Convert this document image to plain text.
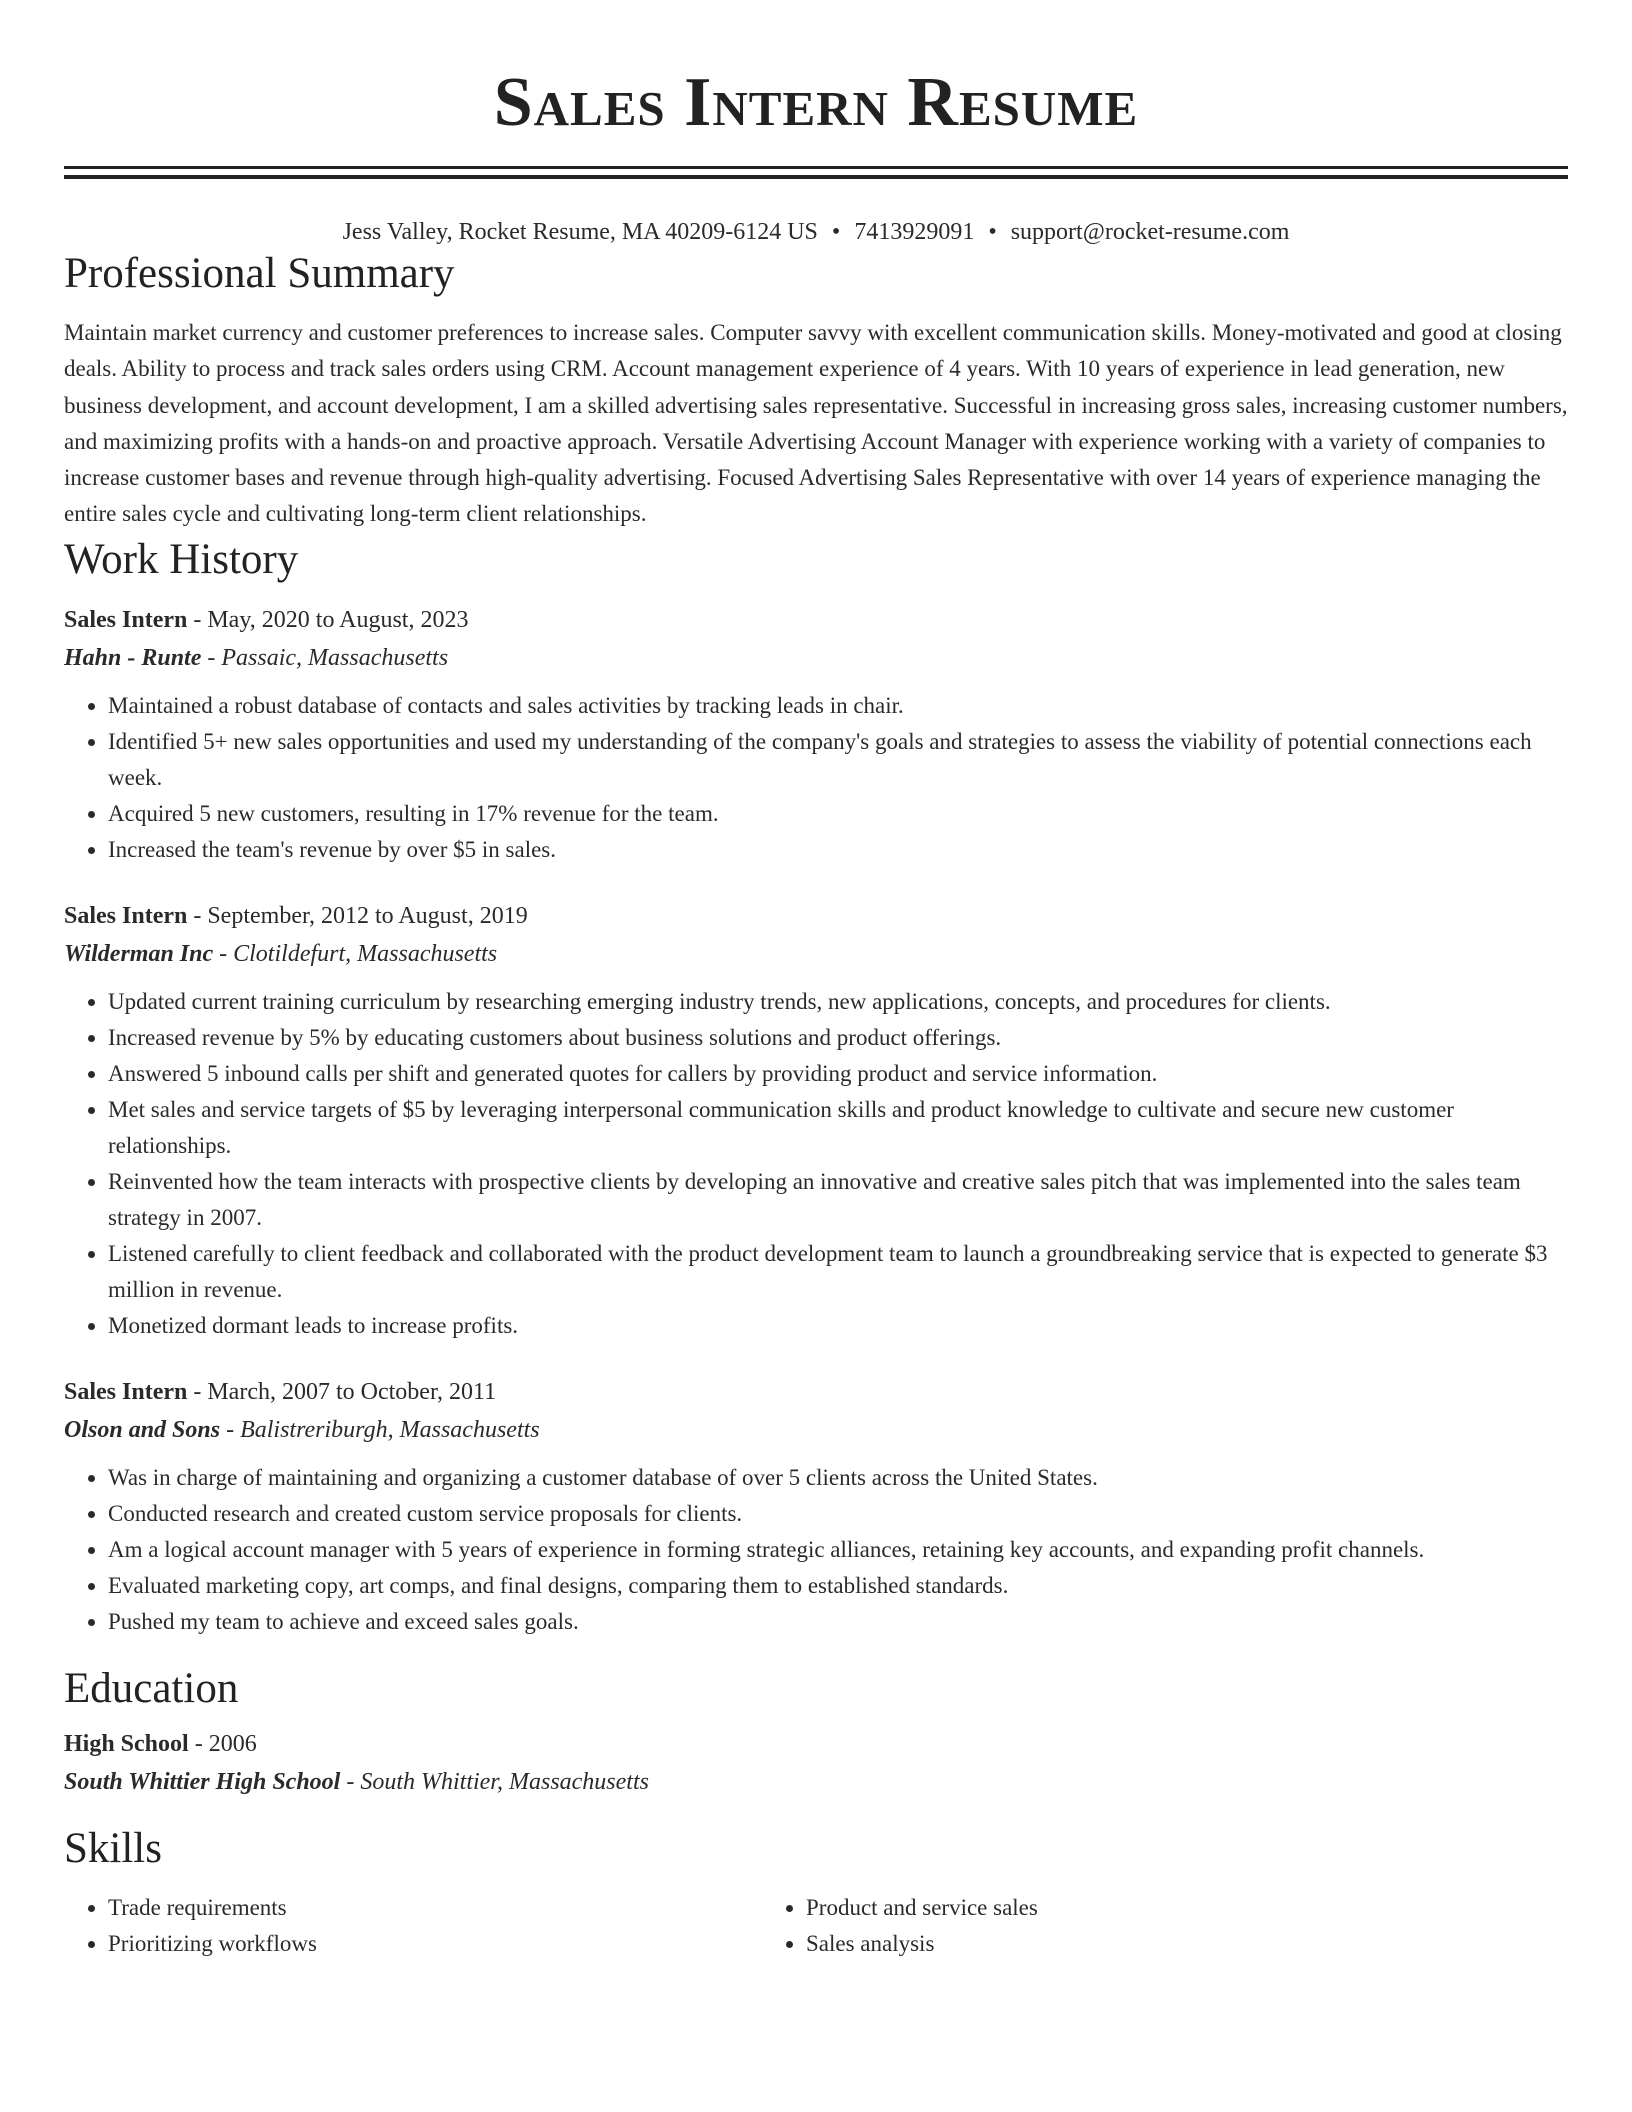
Sales Intern Resume
Jess Valley, Rocket Resume, MA 40209-6124 US • 7413929091 • support@rocket-resume.com
Professional Summary

Maintain market currency and customer preferences to increase sales. Computer savvy with excellent communication skills. Money-motivated and good at closing deals. Ability to process and track sales orders using CRM. Account management experience of 4 years. With 10 years of experience in lead generation, new business development, and account development, I am a skilled advertising sales representative. Successful in increasing gross sales, increasing customer numbers, and maximizing profits with a hands-on and proactive approach. Versatile Advertising Account Manager with experience working with a variety of companies to increase customer bases and revenue through high-quality advertising. Focused Advertising Sales Representative with over 14 years of experience managing the entire sales cycle and cultivating long-term client relationships.

Work History
Sales Intern - May, 2020 to August, 2023
Hahn - Runte - Passaic, Massachusetts
• Maintained a robust database of contacts and sales activities by tracking leads in chair.
• Identified 5+ new sales opportunities and used my understanding of the company's goals and strategies to assess the viability of potential connections each week.
• Acquired 5 new customers, resulting in 17% revenue for the team.
• Increased the team's revenue by over $5 in sales.
Sales Intern - September, 2012 to August, 2019
Wilderman Inc - Clotildefurt, Massachusetts
• Updated current training curriculum by researching emerging industry trends, new applications, concepts, and procedures for clients.
• Increased revenue by 5% by educating customers about business solutions and product offerings.
• Answered 5 inbound calls per shift and generated quotes for callers by providing product and service information.
• Met sales and service targets of $5 by leveraging interpersonal communication skills and product knowledge to cultivate and secure new customer relationships.
• Reinvented how the team interacts with prospective clients by developing an innovative and creative sales pitch that was implemented into the sales team strategy in 2007.
• Listened carefully to client feedback and collaborated with the product development team to launch a groundbreaking service that is expected to generate $3 million in revenue.
• Monetized dormant leads to increase profits.
Sales Intern - March, 2007 to October, 2011
Olson and Sons - Balistreriburgh, Massachusetts
• Was in charge of maintaining and organizing a customer database of over 5 clients across the United States.
• Conducted research and created custom service proposals for clients.
• Am a logical account manager with 5 years of experience in forming strategic alliances, retaining key accounts, and expanding profit channels.
• Evaluated marketing copy, art comps, and final designs, comparing them to established standards.
• Pushed my team to achieve and exceed sales goals.
Education
High School - 2006
South Whittier High School - South Whittier, Massachusetts
Skills
• Trade requirements
• Prioritizing workflows
• Product and service sales
• Sales analysis
